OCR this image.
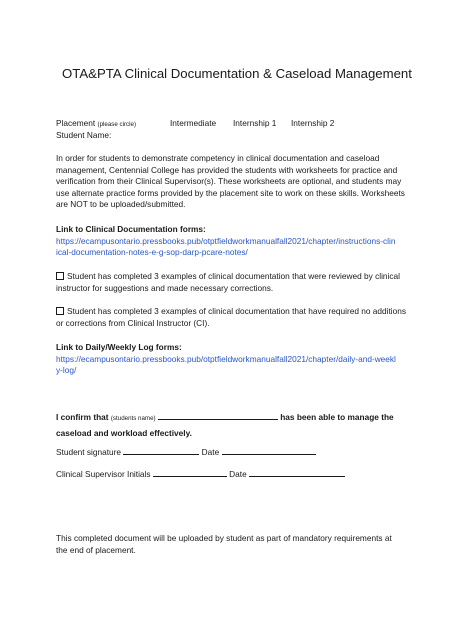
OTA&PTA Clinical Documentation & Caseload Management
Placement (please circle)	Intermediate Internship 1 Internship 2
Student Name:
In order for students to demonstrate competency in clinical documentation and caseload
management, Centennial College has provided the students with worksheets for practice and
verification from their Clinical Supervisor(s). These worksheets are optional, and students may
use alternate practice forms provided by the placement site to work on these skills. Worksheets
are NOT to be uploaded/submitted.
Link to Clinical Documentation forms:
https://ecampusontario.pressbooks.pub/otptfieldworkmanualfall2021/chapter/instructions-clin
ical-documentation-notes-e-g-sop-darp-pcare-notes/
Student has completed 3 examples of clinical documentation that were reviewed by clinical
instructor for suggestions and made necessary corrections.
Student has completed 3 examples of clinical documentation that have required no additions
or corrections from Clinical Instructor (CI).
Link to Daily/Weekly Log forms:
https://ecampusontario.pressbooks.pub/otptfieldworkmanualfall2021/chapter/daily-and-weekl
y-log/
I confirm that (students name)	has been able to manage the
caseload and workload effectively.
Student signature	Date
Clinical Supervisor Initials	Date
This completed document will be uploaded by student as part of mandatory requirements at
the end of placement.
